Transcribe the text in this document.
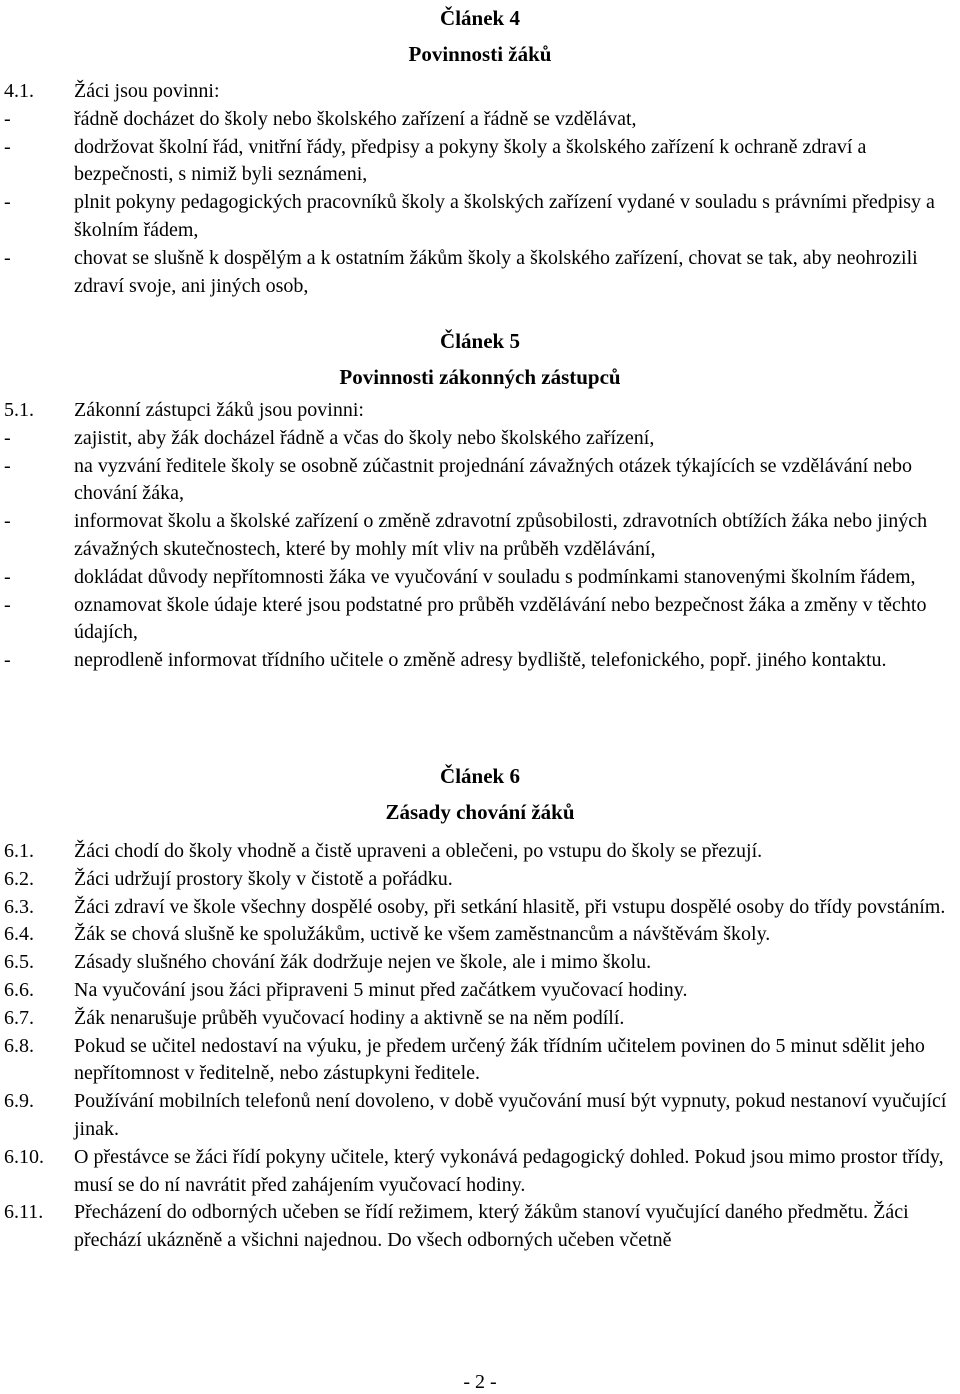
Článek 4
Povinnosti žáků
4.1.	Žáci jsou povinni:
-	řádně docházet do školy nebo školského zařízení a řádně se vzdělávat,
-	dodržovat školní řád, vnitřní řády, předpisy a pokyny školy a školského zařízení k ochraně zdraví a bezpečnosti, s nimiž byli seznámeni,
-	plnit pokyny pedagogických pracovníků školy a školských zařízení vydané v souladu s právními předpisy a školním řádem,
-	chovat se slušně k dospělým a k ostatním žákům školy a školského zařízení, chovat se tak, aby neohrozili zdraví svoje, ani jiných osob,
Článek 5
Povinnosti zákonných zástupců
5.1.	Zákonní zástupci žáků jsou povinni:
-	zajistit, aby žák docházel řádně a včas do školy nebo školského zařízení,
-	na vyzvání ředitele školy se osobně zúčastnit projednání závažných otázek týkajících se vzdělávání nebo chování žáka,
-	informovat školu a školské zařízení o změně zdravotní způsobilosti, zdravotních obtížích žáka nebo jiných závažných skutečnostech, které by mohly mít vliv na průběh vzdělávání,
-	dokládat důvody nepřítomnosti žáka ve vyučování v souladu s podmínkami stanovenými školním řádem,
-	oznamovat škole údaje které jsou podstatné pro průběh vzdělávání nebo bezpečnost žáka a změny v těchto údajích,
-	neprodleně informovat třídního učitele o změně adresy bydliště, telefonického, popř. jiného kontaktu.
Článek 6
Zásady chování žáků
6.1.	Žáci chodí do školy vhodně a čistě upraveni a oblečeni, po vstupu do školy se přezují.
6.2.	Žáci udržují prostory školy v čistotě a pořádku.
6.3.	Žáci zdraví ve škole všechny dospělé osoby, při setkání hlasitě, při vstupu dospělé osoby do třídy povstáním.
6.4.	Žák se chová slušně ke spolužákům, uctivě ke všem zaměstnancům a návštěvám školy.
6.5.	Zásady slušného chování žák dodržuje nejen ve škole, ale i mimo školu.
6.6.	Na vyučování jsou žáci připraveni 5 minut před začátkem vyučovací hodiny.
6.7.	Žák nenarušuje průběh vyučovací hodiny a aktivně se na něm podílí.
6.8.	Pokud se učitel nedostaví na výuku, je předem určený žák třídním učitelem povinen do 5 minut sdělit jeho nepřítomnost v ředitelně, nebo zástupkyni ředitele.
6.9.	Používání mobilních telefonů není dovoleno, v době vyučování musí být vypnuty, pokud nestanoví vyučující jinak.
6.10.	O přestávce se žáci řídí pokyny učitele, který vykonává pedagogický dohled. Pokud jsou mimo prostor třídy, musí se do ní navrátit před zahájením vyučovací hodiny.
6.11.	Přecházení do odborných učeben se řídí režimem, který žákům stanoví vyučující daného předmětu. Žáci přechází ukázněně a všichni najednou. Do všech odborných učeben včetně
- 2 -
